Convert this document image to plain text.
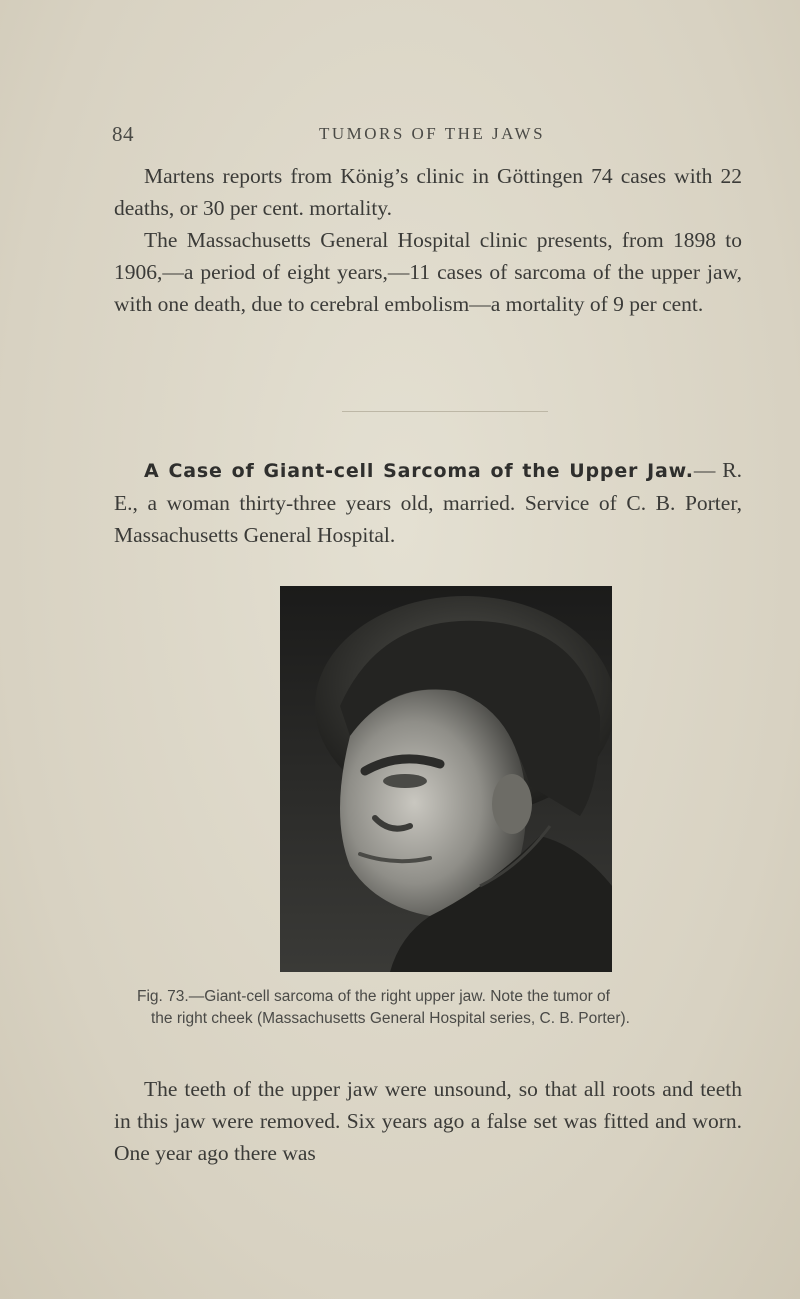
84	TUMORS OF THE JAWS

Martens reports from König’s clinic in Göttingen 74 cases with 22 deaths, or 30 per cent. mortality.

The Massachusetts General Hospital clinic presents, from 1898 to 1906,—a period of eight years,—11 cases of sarcoma of the upper jaw, with one death, due to cerebral embolism—a mortality of 9 per cent.

A Case of Giant-cell Sarcoma of the Upper Jaw.— R. E., a woman thirty-three years old, married. Service of C. B. Porter, Massachusetts General Hospital.

Fig. 73.—Giant-cell sarcoma of the right upper jaw. Note the tumor of
the right cheek (Massachusetts General Hospital series, C. B. Porter).

The teeth of the upper jaw were unsound, so that all roots and teeth in this jaw were removed. Six years ago a false set was fitted and worn. One year ago there was
